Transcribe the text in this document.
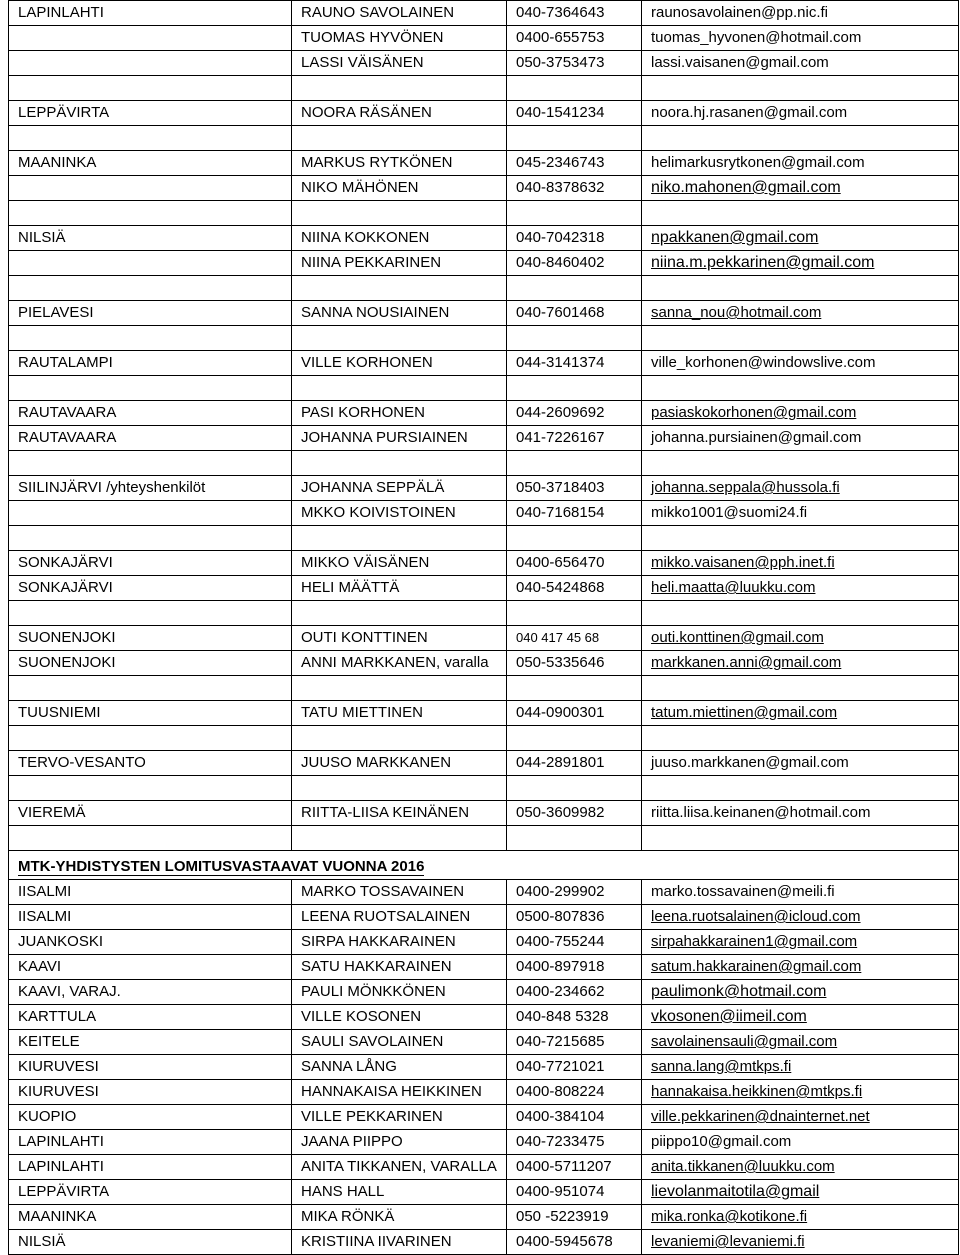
LAPINLAHTI	RAUNO SAVOLAINEN	040-7364643	raunosavolainen@pp.nic.fi
	TUOMAS HYVÖNEN	0400-655753	tuomas_hyvonen@hotmail.com
	LASSI VÄISÄNEN	050-3753473	lassi.vaisanen@gmail.com

LEPPÄVIRTA	NOORA RÄSÄNEN	040-1541234	noora.hj.rasanen@gmail.com

MAANINKA	MARKUS RYTKÖNEN	045-2346743	helimarkusrytkonen@gmail.com
	NIKO MÄHÖNEN	040-8378632	niko.mahonen@gmail.com

NILSIÄ	NIINA KOKKONEN	040-7042318	npakkanen@gmail.com
	NIINA PEKKARINEN	040-8460402	niina.m.pekkarinen@gmail.com

PIELAVESI	SANNA NOUSIAINEN	040-7601468	sanna_nou@hotmail.com

RAUTALAMPI	VILLE KORHONEN	044-3141374	ville_korhonen@windowslive.com

RAUTAVAARA	PASI KORHONEN	044-2609692	pasiaskokorhonen@gmail.com
RAUTAVAARA	JOHANNA PURSIAINEN	041-7226167	johanna.pursiainen@gmail.com

SIILINJÄRVI /yhteyshenkilöt	JOHANNA SEPPÄLÄ	050-3718403	johanna.seppala@hussola.fi
	MKKO KOIVISTOINEN	040-7168154	mikko1001@suomi24.fi

SONKAJÄRVI	MIKKO VÄISÄNEN	0400-656470	mikko.vaisanen@pph.inet.fi
SONKAJÄRVI	HELI MÄÄTTÄ	040-5424868	heli.maatta@luukku.com

SUONENJOKI	OUTI KONTTINEN	040 417 45 68	outi.konttinen@gmail.com
SUONENJOKI	ANNI MARKKANEN, varalla	050-5335646	markkanen.anni@gmail.com

TUUSNIEMI	TATU MIETTINEN	044-0900301	tatum.miettinen@gmail.com

TERVO-VESANTO	JUUSO MARKKANEN	044-2891801	juuso.markkanen@gmail.com

VIEREMÄ	RIITTA-LIISA KEINÄNEN	050-3609982	riitta.liisa.keinanen@hotmail.com

MTK-YHDISTYSTEN LOMITUSVASTAAVAT VUONNA 2016			
IISALMI	MARKO TOSSAVAINEN	0400-299902	marko.tossavainen@meili.fi
IISALMI	LEENA RUOTSALAINEN	0500-807836	leena.ruotsalainen@icloud.com
JUANKOSKI	SIRPA HAKKARAINEN	0400-755244	sirpahakkarainen1@gmail.com
KAAVI	SATU HAKKARAINEN	0400-897918	satum.hakkarainen@gmail.com
KAAVI, VARAJ.	PAULI MÖNKKÖNEN	0400-234662	paulimonk@hotmail.com
KARTTULA	VILLE KOSONEN	040-848 5328	vkosonen@iimeil.com
KEITELE	SAULI SAVOLAINEN	040-7215685	savolainensauli@gmail.com
KIURUVESI	SANNA LÅNG	040-7721021	sanna.lang@mtkps.fi
KIURUVESI	HANNAKAISA HEIKKINEN	0400-808224	hannakaisa.heikkinen@mtkps.fi
KUOPIO	VILLE PEKKARINEN	0400-384104	ville.pekkarinen@dnainternet.net
LAPINLAHTI	JAANA PIIPPO	040-7233475	piippo10@gmail.com
LAPINLAHTI	ANITA TIKKANEN, VARALLA	0400-5711207	anita.tikkanen@luukku.com
LEPPÄVIRTA	HANS HALL	0400-951074	lievolanmaitotila@gmail
MAANINKA	MIKA RÖNKÄ	050 -5223919	mika.ronka@kotikone.fi
NILSIÄ	KRISTIINA IIVARINEN	0400-5945678	levaniemi@levaniemi.fi
